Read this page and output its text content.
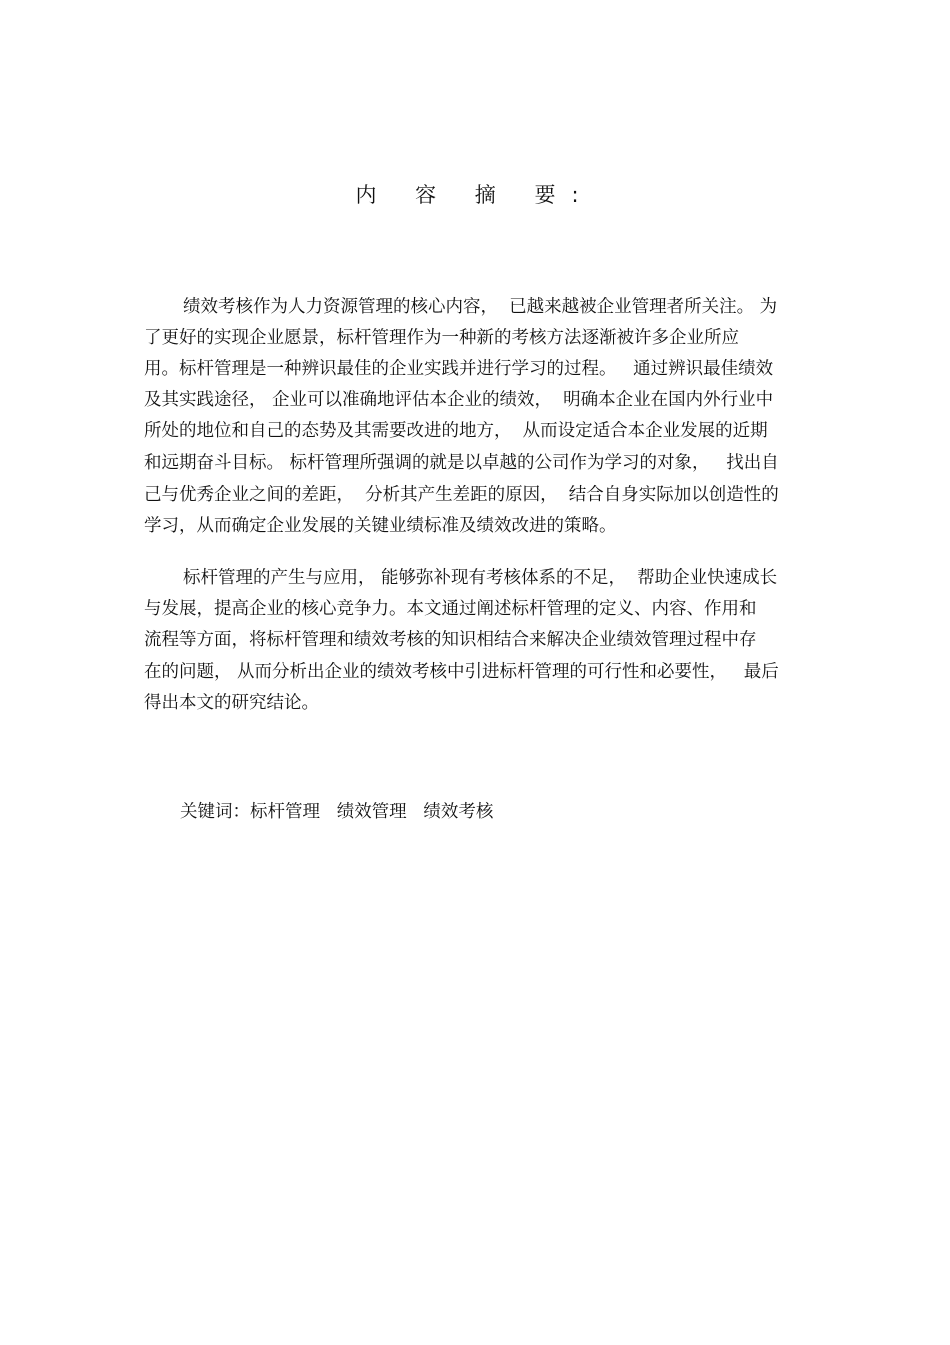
内 容 摘 要:
绩效考核作为人力资源管理的核心内容，  已越来越被企业管理者所关注。 为
了更好的实现企业愿景，标杆管理作为一种新的考核方法逐渐被许多企业所应
用。标杆管理是一种辨识最佳的企业实践并进行学习的过程。   通过辨识最佳绩效
及其实践途径， 企业可以准确地评估本企业的绩效，  明确本企业在国内外行业中
所处的地位和自己的态势及其需要改进的地方，  从而设定适合本企业发展的近期
和远期奋斗目标。 标杆管理所强调的就是以卓越的公司作为学习的对象，   找出自
己与优秀企业之间的差距，  分析其产生差距的原因，  结合自身实际加以创造性的
学习，从而确定企业发展的关键业绩标准及绩效改进的策略。
标杆管理的产生与应用， 能够弥补现有考核体系的不足，  帮助企业快速成长
与发展，提高企业的核心竞争力。本文通过阐述标杆管理的定义、内容、作用和
流程等方面，将标杆管理和绩效考核的知识相结合来解决企业绩效管理过程中存
在的问题， 从而分析出企业的绩效考核中引进标杆管理的可行性和必要性，   最后
得出本文的研究结论。
关键词：标杆管理   绩效管理   绩效考核
